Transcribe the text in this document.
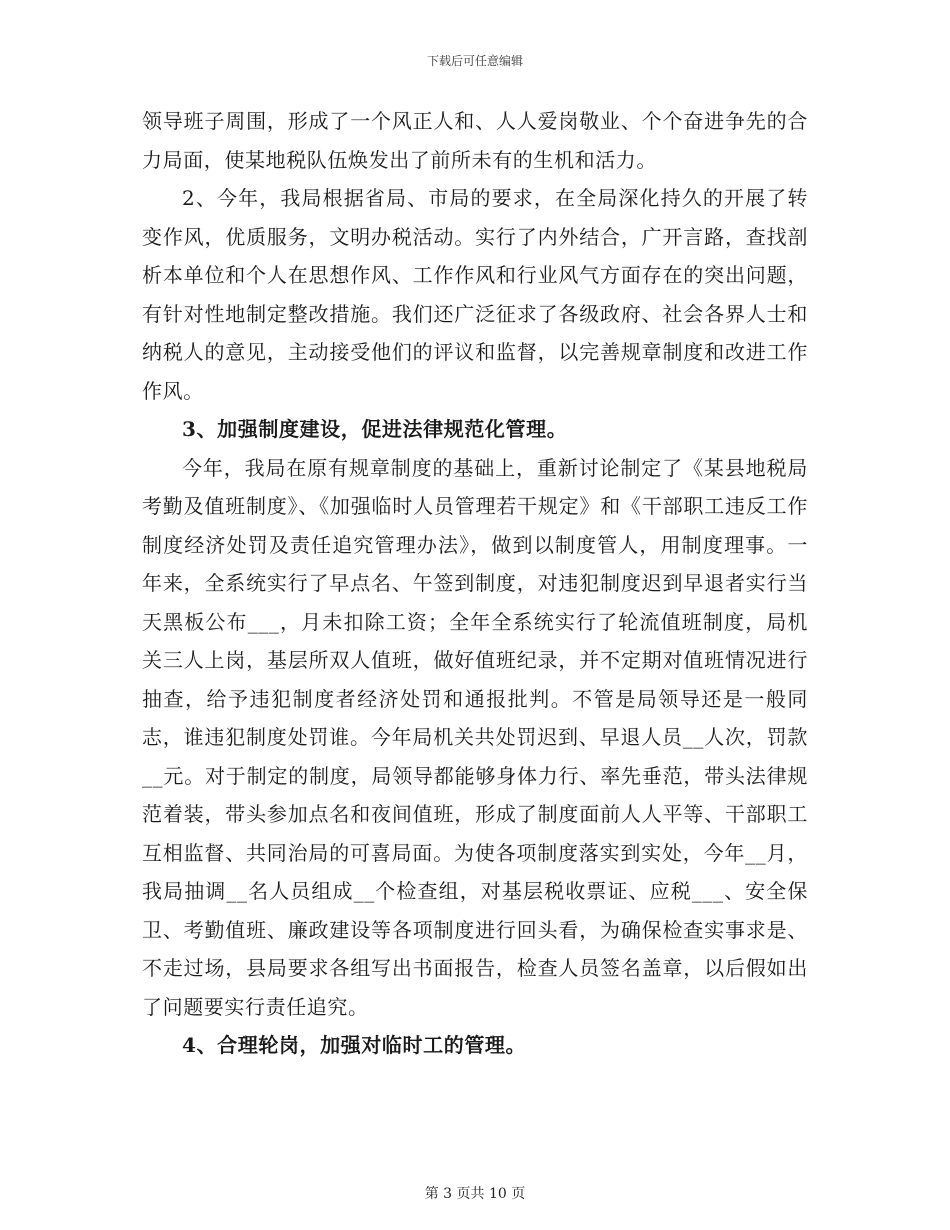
下载后可任意编辑

领导班子周围，形成了一个风正人和、人人爱岗敬业、个个奋进争先的合力局面，使某地税队伍焕发出了前所未有的生机和活力。

2、今年，我局根据省局、市局的要求，在全局深化持久的开展了转变作风，优质服务，文明办税活动。实行了内外结合，广开言路，查找剖析本单位和个人在思想作风、工作作风和行业风气方面存在的突出问题，有针对性地制定整改措施。我们还广泛征求了各级政府、社会各界人士和纳税人的意见，主动接受他们的评议和监督，以完善规章制度和改进工作作风。

3、加强制度建设，促进法律规范化管理。

今年，我局在原有规章制度的基础上，重新讨论制定了《某县地税局考勤及值班制度》、《加强临时人员管理若干规定》和《干部职工违反工作制度经济处罚及责任追究管理办法》，做到以制度管人，用制度理事。一年来，全系统实行了早点名、午签到制度，对违犯制度迟到早退者实行当天黑板公布___，月未扣除工资；全年全系统实行了轮流值班制度，局机关三人上岗，基层所双人值班，做好值班纪录，并不定期对值班情况进行抽查，给予违犯制度者经济处罚和通报批判。不管是局领导还是一般同志，谁违犯制度处罚谁。今年局机关共处罚迟到、早退人员__人次，罚款__元。对于制定的制度，局领导都能够身体力行、率先垂范，带头法律规范着装，带头参加点名和夜间值班，形成了制度面前人人平等、干部职工互相监督、共同治局的可喜局面。为使各项制度落实到实处，今年__月，我局抽调__名人员组成__个检查组，对基层税收票证、应税___、安全保卫、考勤值班、廉政建设等各项制度进行回头看，为确保检查实事求是、不走过场，县局要求各组写出书面报告，检查人员签名盖章，以后假如出了问题要实行责任追究。

4、合理轮岗，加强对临时工的管理。

第 3 页共 10 页
